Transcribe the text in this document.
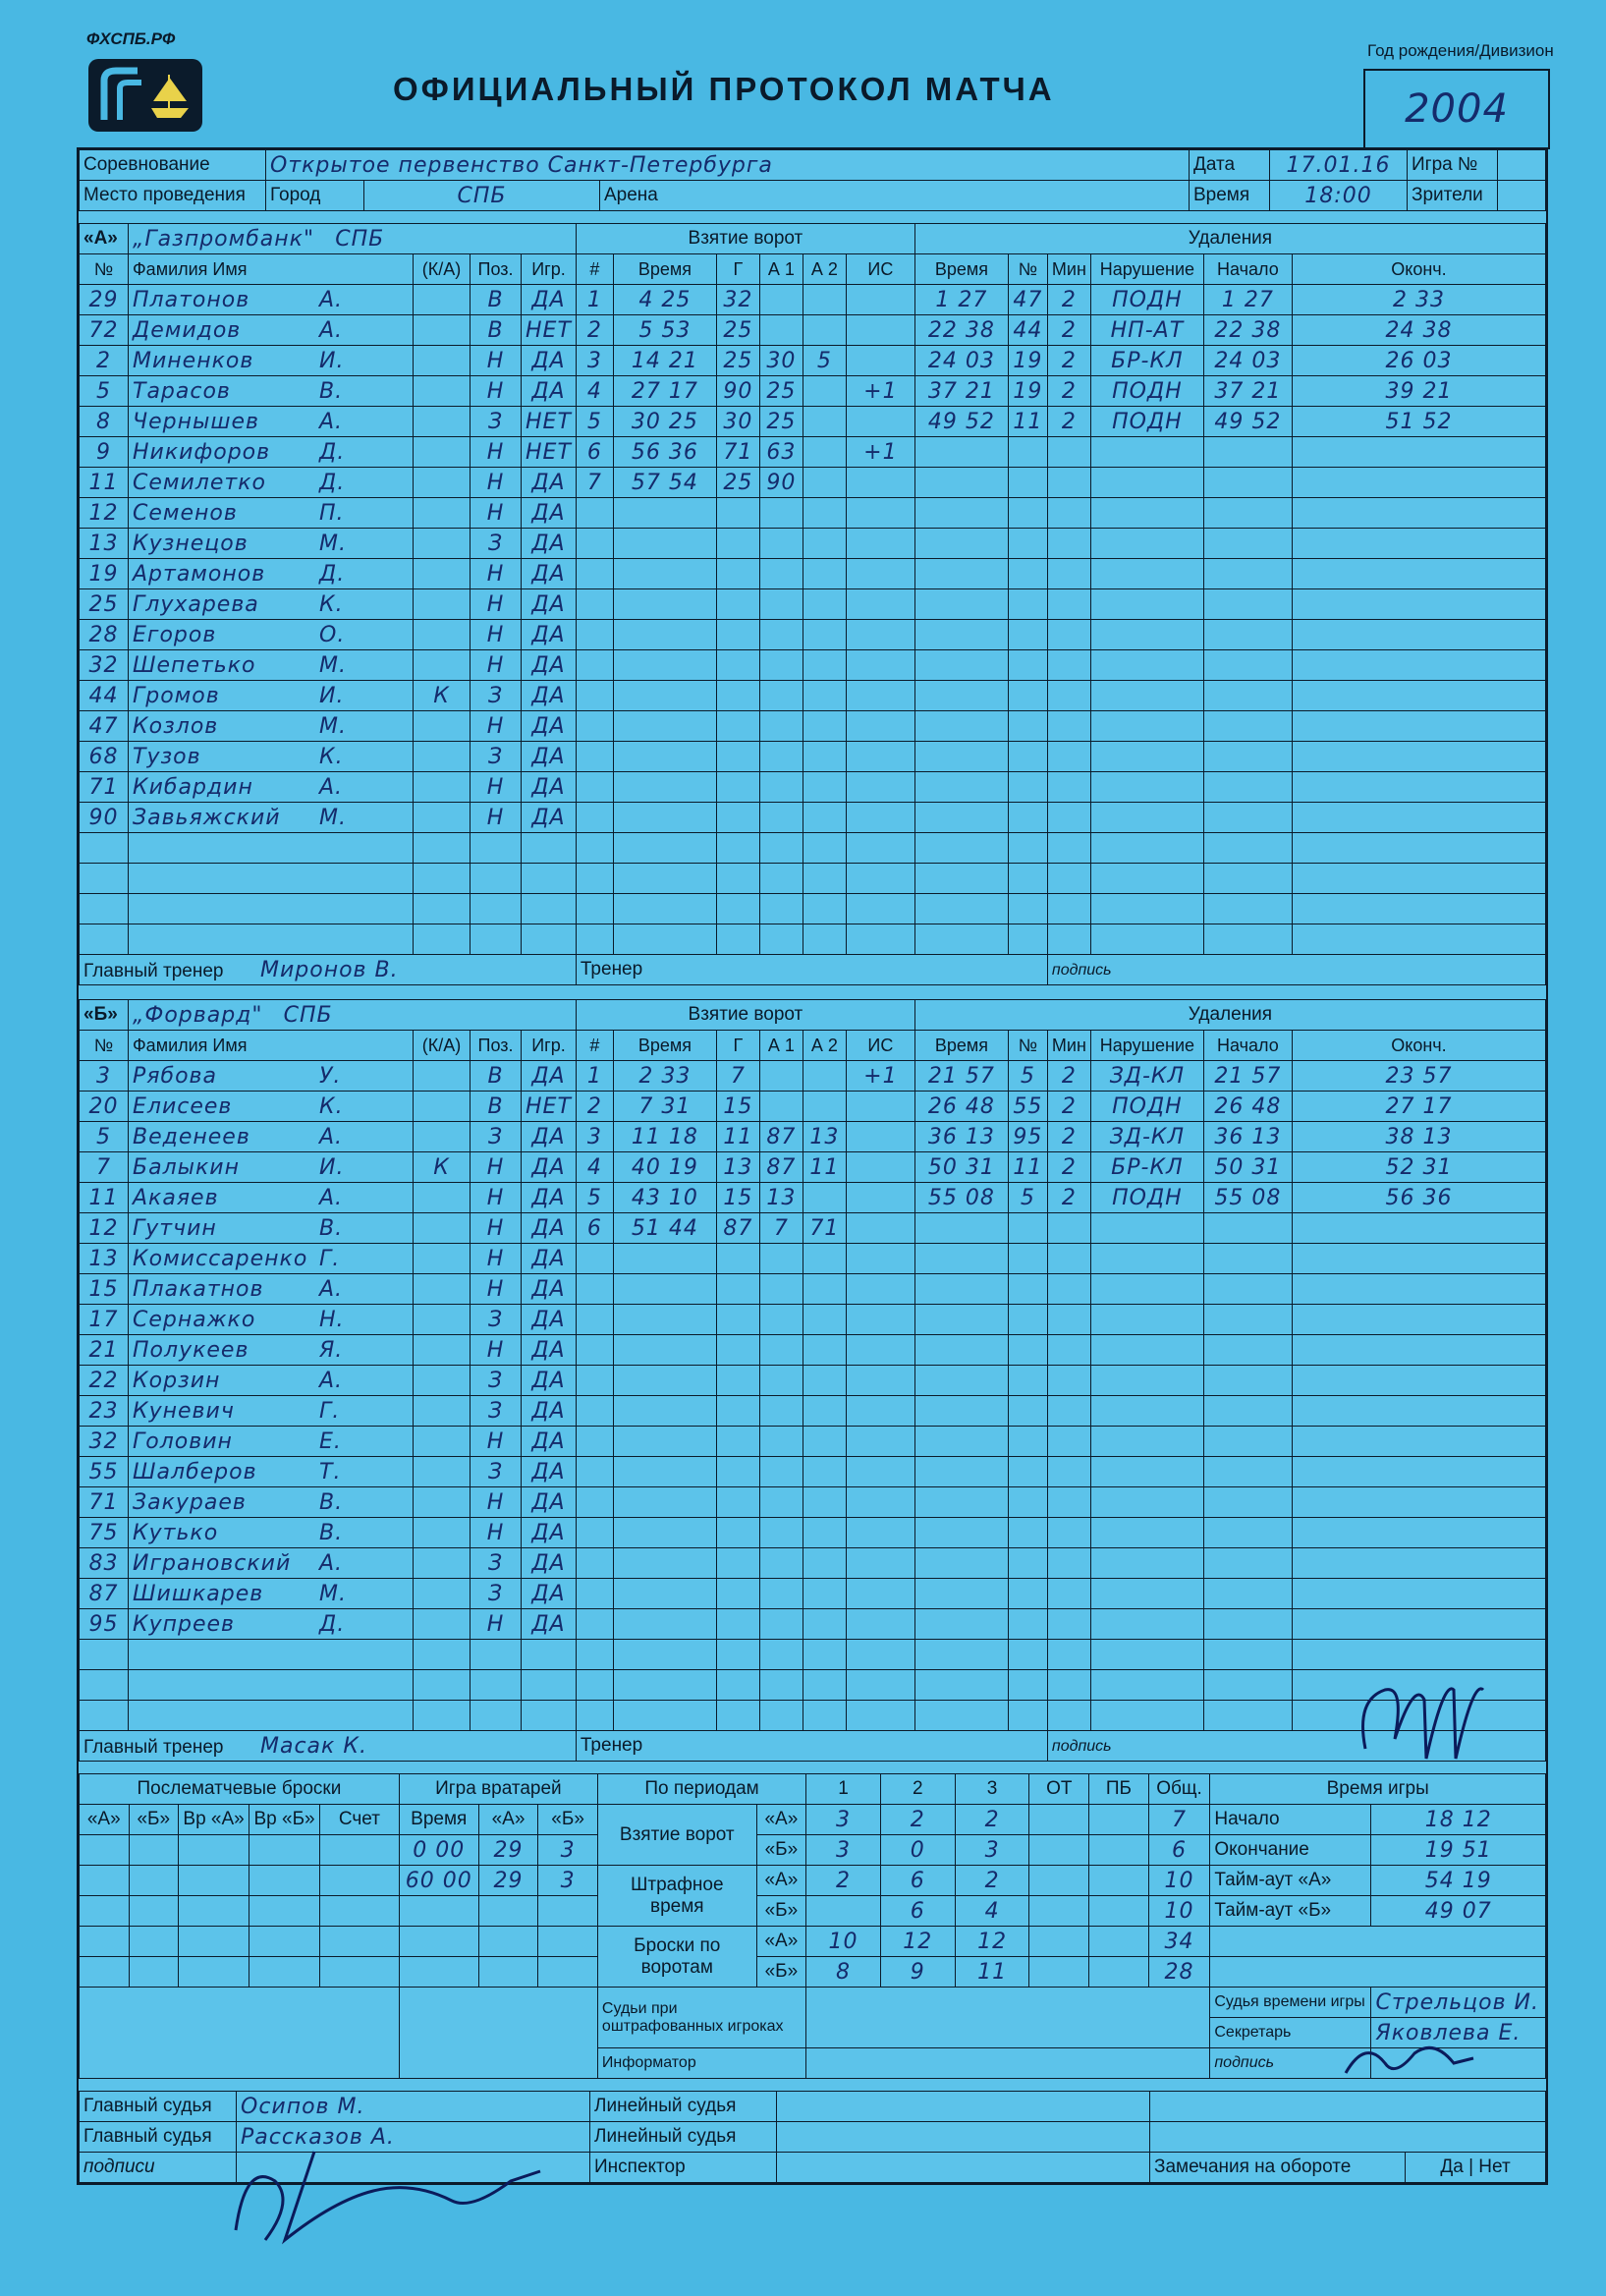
ФХСПБ.РФ
ОФИЦИАЛЬНЫЙ ПРОТОКОЛ МАТЧА
Год рождения/Дивизион
2004
Соревнование	Открытое первенство Санкт-Петербурга			Дата	17.01.16	Игра №	
Место проведения	Город	СПБ	Арена	Время	18:00	Зрители	
«А»	„Газпромбанк" СПБ				Взятие ворот						Удаления					
№	Фамилия Имя	(К/А)	Поз.	Игр.	#	Время	Г	А 1	А 2	ИС	Время	№	Мин	Нарушение	Начало	Оконч.
29	Платонов А.		В	ДА	1	4 25	32				1 27	47	2	ПОДН	1 27	2 33
72	Демидов А.		В	НЕТ	2	5 53	25				22 38	44	2	НП-АТ	22 38	24 38
2	Миненков И.		Н	ДА	3	14 21	25	30	5		24 03	19	2	БР-КЛ	24 03	26 03
5	Тарасов В.		Н	ДА	4	27 17	90	25		+1	37 21	19	2	ПОДН	37 21	39 21
8	Чернышев А.		З	НЕТ	5	30 25	30	25			49 52	11	2	ПОДН	49 52	51 52
9	Никифоров Д.		Н	НЕТ	6	56 36	71	63		+1						
11	Семилетко Д.		Н	ДА	7	57 54	25	90								
12	Семенов П.		Н	ДА												
13	Кузнецов М.		З	ДА												
19	Артамонов Д.		Н	ДА												
25	Глухарева К.		Н	ДА												
28	Егоров О.		Н	ДА												
32	Шепетько М.		Н	ДА												
44	Громов И.	К	З	ДА												
47	Козлов М.		Н	ДА												
68	Тузов К.		З	ДА												
71	Кибардин А.		Н	ДА												
90	Завьяжский М.		Н	ДА												

Главный тренер Миронов В.					Тренер								подпись			
«Б»	„Форвард" СПБ				Взятие ворот						Удаления					
№	Фамилия Имя	(К/А)	Поз.	Игр.	#	Время	Г	А 1	А 2	ИС	Время	№	Мин	Нарушение	Начало	Оконч.
3	Рябова У.		В	ДА	1	2 33	7			+1	21 57	5	2	ЗД-КЛ	21 57	23 57
20	Елисеев К.		В	НЕТ	2	7 31	15				26 48	55	2	ПОДН	26 48	27 17
5	Веденеев А.		З	ДА	3	11 18	11	87	13		36 13	95	2	ЗД-КЛ	36 13	38 13
7	Балыкин И.	К	Н	ДА	4	40 19	13	87	11		50 31	11	2	БР-КЛ	50 31	52 31
11	Акаяев А.		Н	ДА	5	43 10	15	13			55 08	5	2	ПОДН	55 08	56 36
12	Гутчин В.		Н	ДА	6	51 44	87	7	71							
13	Комиссаренко Г.		Н	ДА												
15	Плакатнов А.		Н	ДА												
17	Сернажко Н.		З	ДА												
21	Полукеев Я.		Н	ДА												
22	Корзин А.		З	ДА												
23	Куневич Г.		З	ДА												
32	Головин Е.		Н	ДА												
55	Шалберов Т.		З	ДА												
71	Закураев В.		Н	ДА												
75	Кутько В.		Н	ДА												
83	Играновский А.		З	ДА												
87	Шишкарев М.		З	ДА												
95	Купреев Д.		Н	ДА												

Главный тренер Масак К.					Тренер								подпись			
Послематчевые броски					Игра вратарей			По периодам		1	2	3	ОТ	ПБ	Общ.	Время игры	
«А»	«Б»	Вр «А»	Вр «Б»	Счет	Время	«А»	«Б»	Взятие ворот	«А»	3	2	2			7	Начало	18 12
					0 00	29	3		«Б»	3	0	3			6	Окончание	19 51
					60 00	29	3	Штрафное время	«А»	2	6	2			10	Тайм-аут «А»	54 19
									«Б»		6	4			10	Тайм-аут «Б»	49 07
								Броски по воротам	«А»	10	12	12			34		
									«Б»	8	9	11			28		
								Судьи при оштрафованных игроках								Судья времени игры	Стрельцов И.
																Секретарь	Яковлева Е.
								Информатор								подпись	
Главный судья	Осипов М.	Линейный судья			
Главный судья	Рассказов А.	Линейный судья			
подписи		Инспектор		Замечания на обороте	Да | Нет
